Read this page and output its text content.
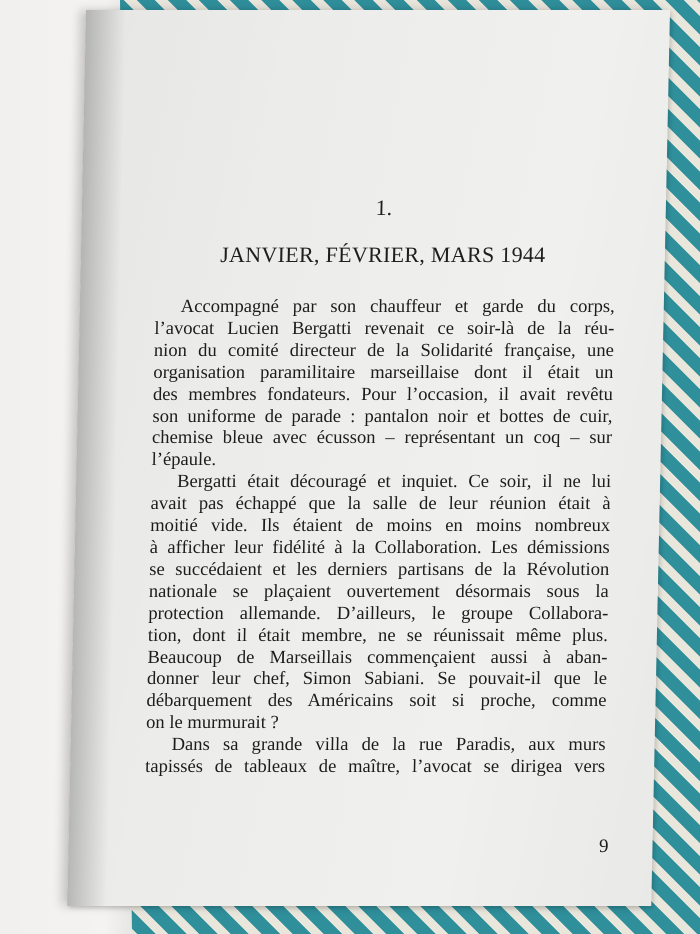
1.
JANVIER, FÉVRIER, MARS 1944
Accompagné par son chauffeur et garde du corps,
l’avocat Lucien Bergatti revenait ce soir-là de la réu-
nion du comité directeur de la Solidarité française, une
organisation paramilitaire marseillaise dont il était un
des membres fondateurs. Pour l’occasion, il avait revêtu
son uniforme de parade : pantalon noir et bottes de cuir,
chemise bleue avec écusson – représentant un coq – sur
l’épaule.
Bergatti était découragé et inquiet. Ce soir, il ne lui
avait pas échappé que la salle de leur réunion était à
moitié vide. Ils étaient de moins en moins nombreux
à afficher leur fidélité à la Collaboration. Les démissions
se succédaient et les derniers partisans de la Révolution
nationale se plaçaient ouvertement désormais sous la
protection allemande. D’ailleurs, le groupe Collabora-
tion, dont il était membre, ne se réunissait même plus.
Beaucoup de Marseillais commençaient aussi à aban-
donner leur chef, Simon Sabiani. Se pouvait-il que le
débarquement des Américains soit si proche, comme
on le murmurait ?
Dans sa grande villa de la rue Paradis, aux murs
tapissés de tableaux de maître, l’avocat se dirigea vers
9
